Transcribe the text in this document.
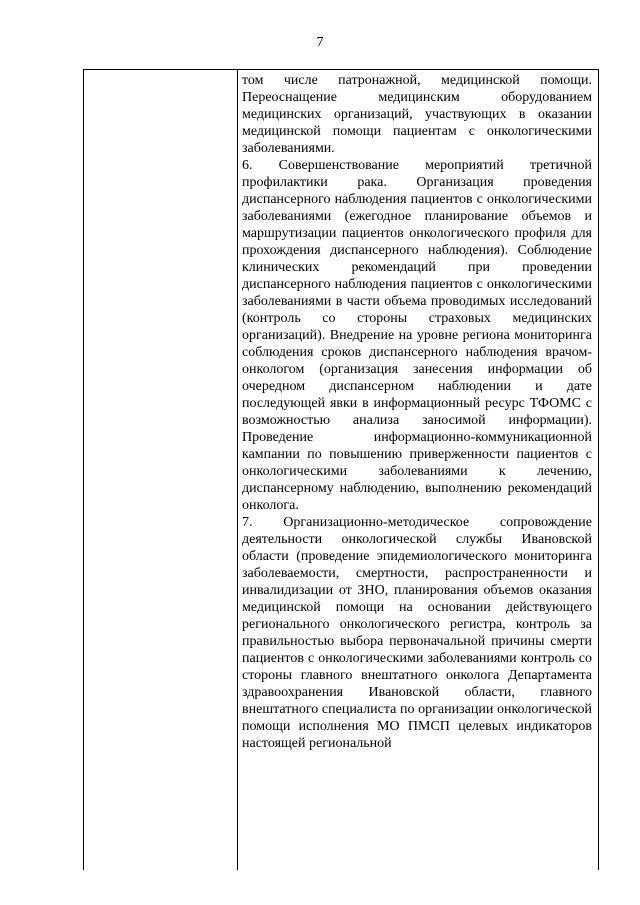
7

том числе патронажной, медицинской помощи. Переоснащение медицинским оборудованием медицинских организаций, участвующих в оказании медицинской помощи пациентам с онкологическими заболеваниями.

6. Совершенствование мероприятий третичной профилактики рака. Организация проведения диспансерного наблюдения пациентов с онкологическими заболеваниями (ежегодное планирование объемов и маршрутизации пациентов онкологического профиля для прохождения диспансерного наблюдения). Соблюдение клинических рекомендаций при проведении диспансерного наблюдения пациентов с онкологическими заболеваниями в части объема проводимых исследований (контроль со стороны страховых медицинских организаций). Внедрение на уровне региона мониторинга соблюдения сроков диспансерного наблюдения врачом-онкологом (организация занесения информации об очередном диспансерном наблюдении и дате последующей явки в информационный ресурс ТФОМС с возможностью анализа заносимой информации). Проведение информационно-коммуникационной кампании по повышению приверженности пациентов с онкологическими заболеваниями к лечению, диспансерному наблюдению, выполнению рекомендаций онколога.

7. Организационно-методическое сопровождение деятельности онкологической службы Ивановской области (проведение эпидемиологического мониторинга заболеваемости, смертности, распространенности и инвалидизации от ЗНО, планирования объемов оказания медицинской помощи на основании действующего регионального онкологического регистра, контроль за правильностью выбора первоначальной причины смерти пациентов с онкологическими заболеваниями контроль со стороны главного внештатного онколога Департамента здравоохранения Ивановской области, главного внештатного специалиста по организации онкологической помощи исполнения МО ПМСП целевых индикаторов настоящей региональной
